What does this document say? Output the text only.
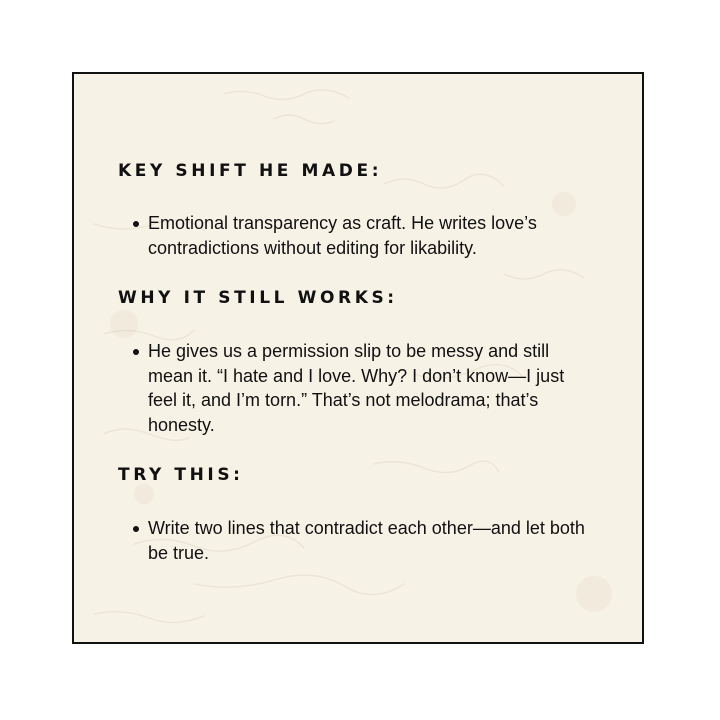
KEY SHIFT HE MADE:
Emotional transparency as craft. He writes love’s contradictions without editing for likability.
WHY IT STILL WORKS:
He gives us a permission slip to be messy and still mean it. “I hate and I love. Why? I don’t know—I just feel it, and I’m torn.” That’s not melodrama; that’s honesty.
TRY THIS:
Write two lines that contradict each other—and let both be true.
